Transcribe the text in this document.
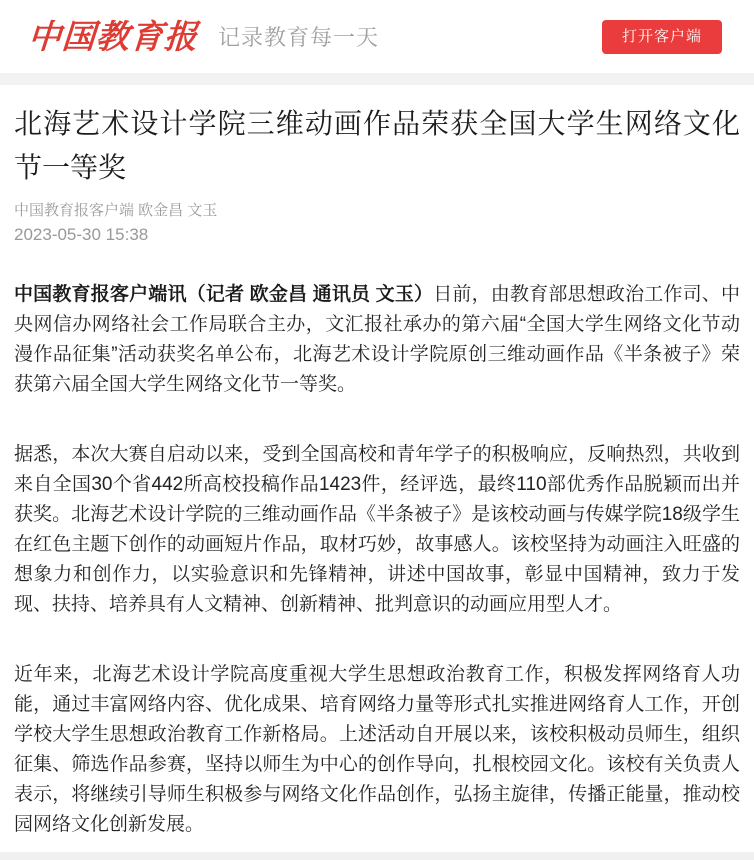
中国教育报 记录教育每一天	打开客户端
北海艺术设计学院三维动画作品荣获全国大学生网络文化节一等奖
中国教育报客户端 欧金昌 文玉
2023-05-30 15:38

中国教育报客户端讯（记者 欧金昌 通讯员 文玉）日前，由教育部思想政治工作司、中央网信办网络社会工作局联合主办，文汇报社承办的第六届“全国大学生网络文化节动漫作品征集”活动获奖名单公布，北海艺术设计学院原创三维动画作品《半条被子》荣获第六届全国大学生网络文化节一等奖。

据悉，本次大赛自启动以来，受到全国高校和青年学子的积极响应，反响热烈，共收到来自全国30个省442所高校投稿作品1423件，经评选，最终110部优秀作品脱颖而出并获奖。北海艺术设计学院的三维动画作品《半条被子》是该校动画与传媒学院18级学生在红色主题下创作的动画短片作品，取材巧妙，故事感人。该校坚持为动画注入旺盛的想象力和创作力，以实验意识和先锋精神，讲述中国故事，彰显中国精神，致力于发现、扶持、培养具有人文精神、创新精神、批判意识的动画应用型人才。

近年来，北海艺术设计学院高度重视大学生思想政治教育工作，积极发挥网络育人功能，通过丰富网络内容、优化成果、培育网络力量等形式扎实推进网络育人工作，开创学校大学生思想政治教育工作新格局。上述活动自开展以来，该校积极动员师生，组织征集、筛选作品参赛，坚持以师生为中心的创作导向，扎根校园文化。该校有关负责人表示，将继续引导师生积极参与网络文化作品创作，弘扬主旋律，传播正能量，推动校园网络文化创新发展。
